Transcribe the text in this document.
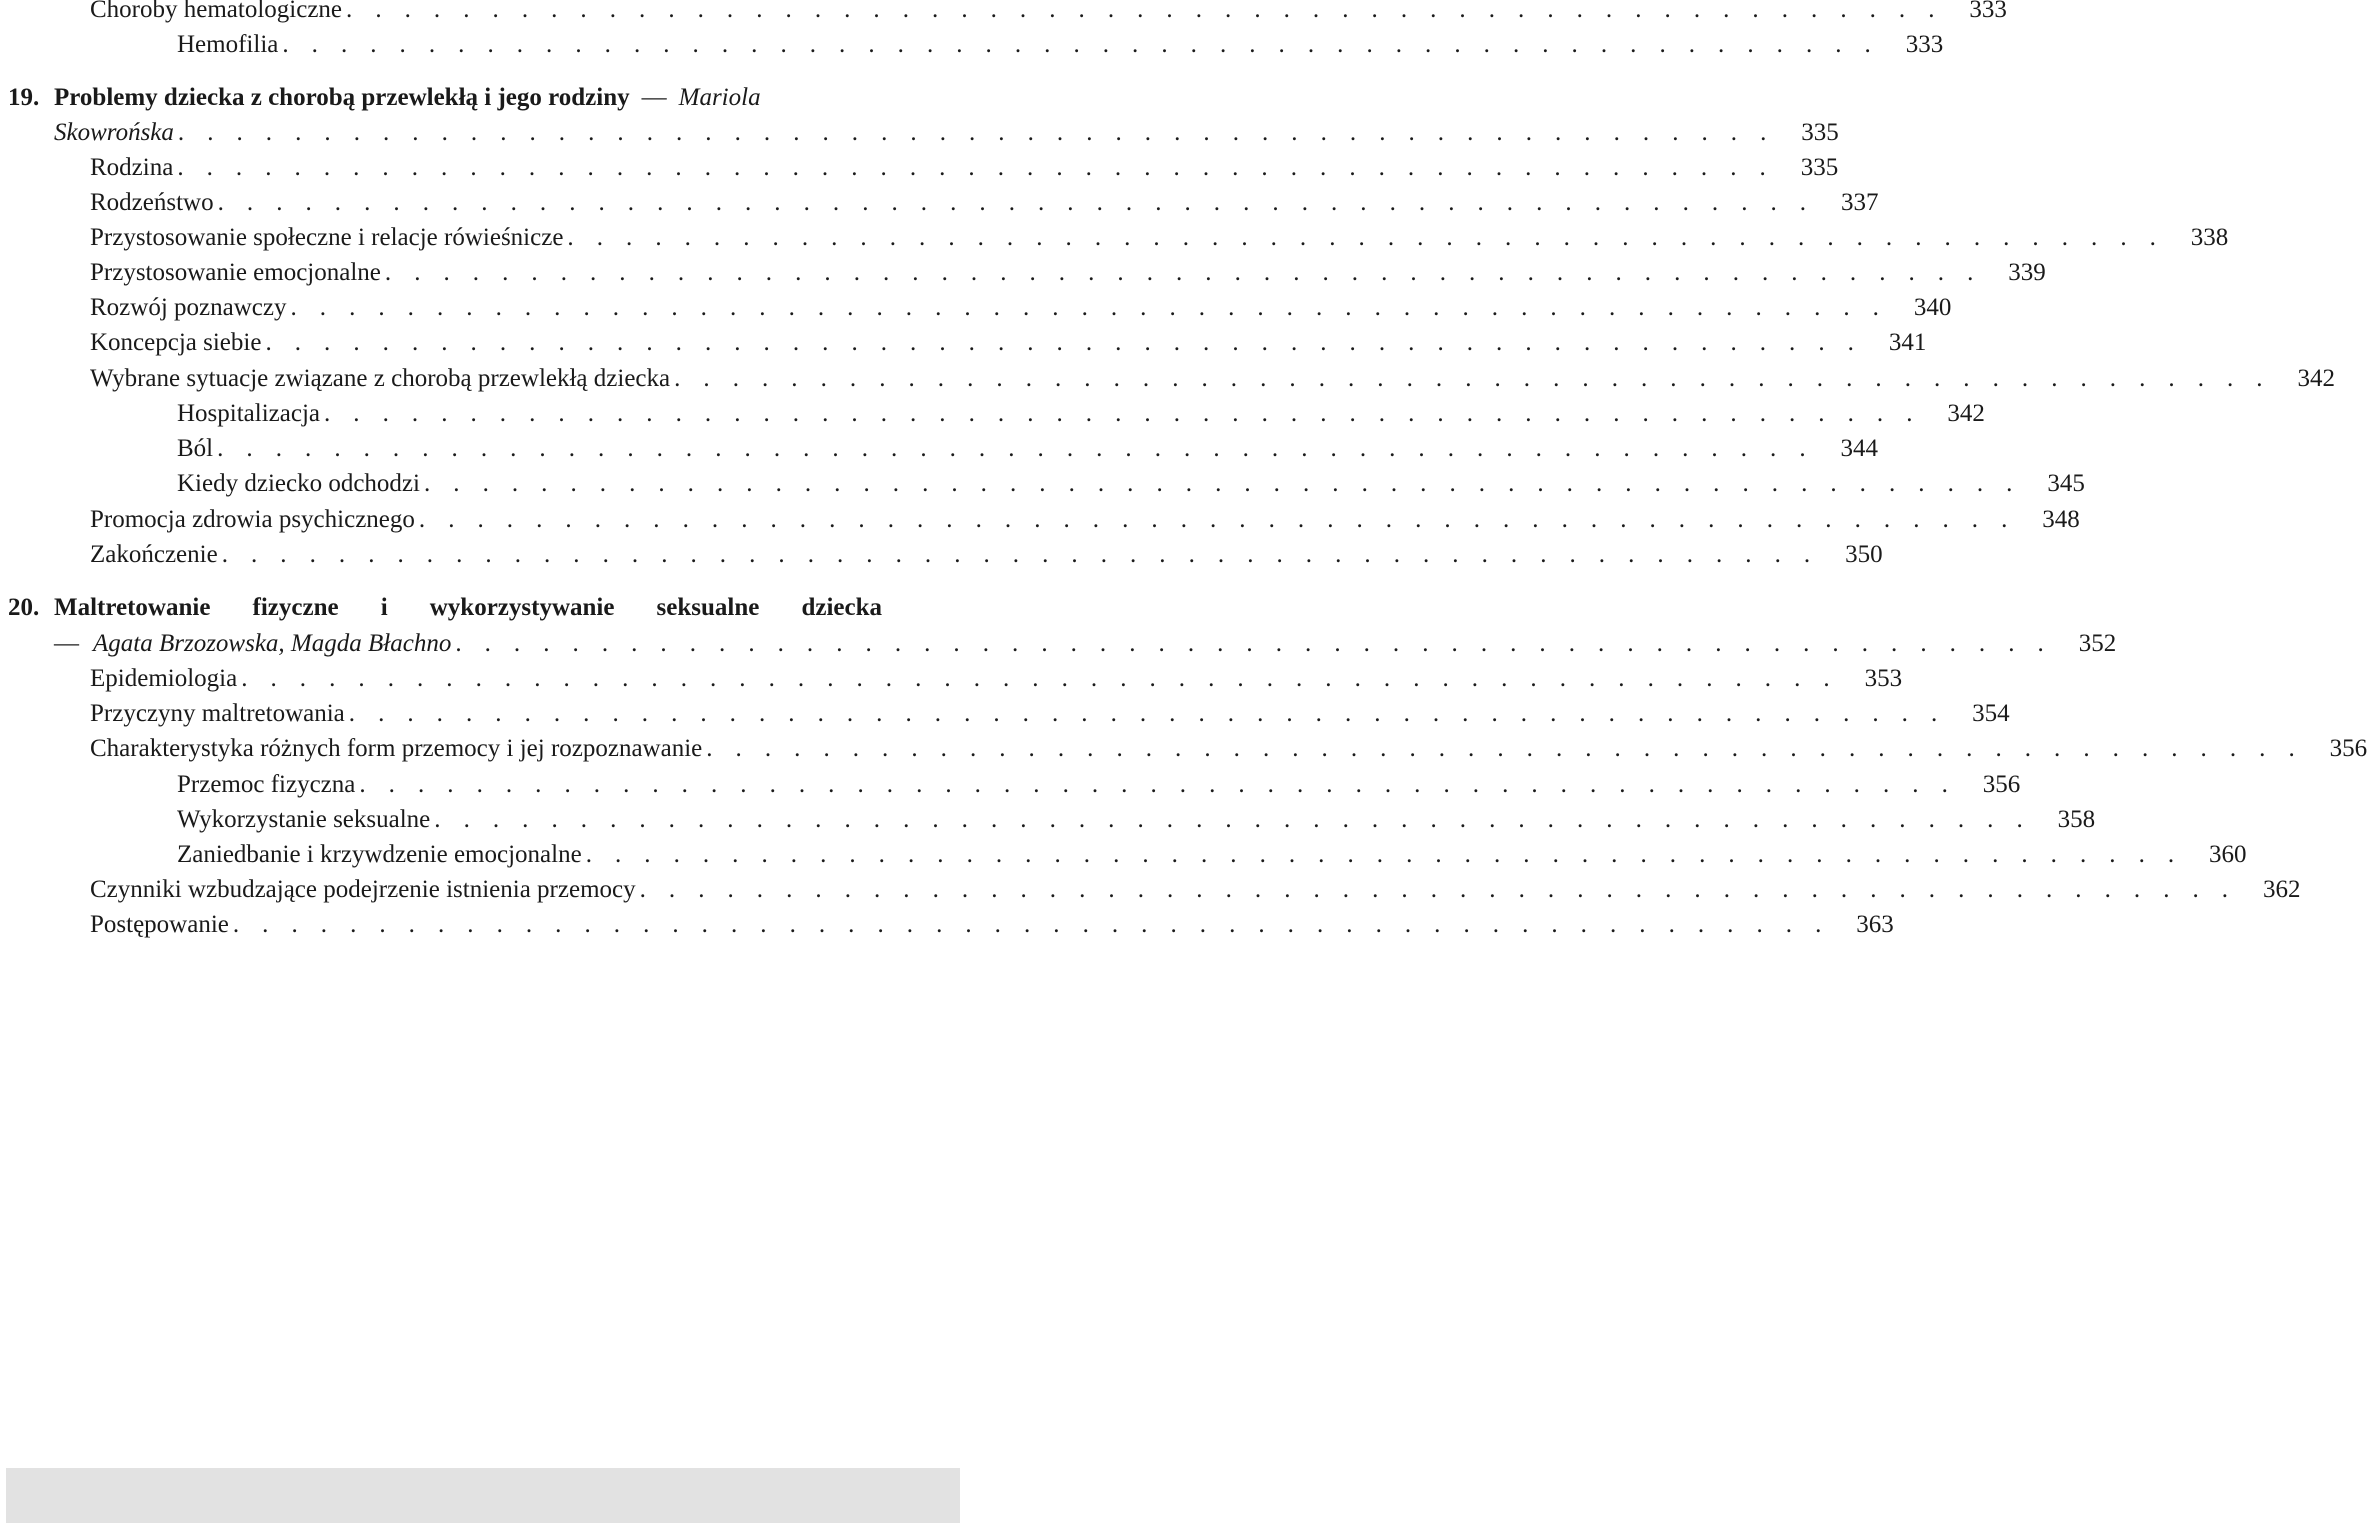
Choroby hematologiczne . . . . . . . . . . . . . . . . . . . . . . . . . . . . . . . . . . . . . . . . . . . . . . . . . . . . . . . 333
Hemofilia . . . . . . . . . . . . . . . . . . . . . . . . . . . . . . . . . . . . . . . . . . . . . . . . . . . . . . . 333
19. Problemy dziecka z chorobą przewlekłą i jego rodziny — Mariola
Skowrońska . . . . . . . . . . . . . . . . . . . . . . . . . . . . . . . . . . . . . . . . . . . . . . . . . . . . . . . 335
Rodzina . . . . . . . . . . . . . . . . . . . . . . . . . . . . . . . . . . . . . . . . . . . . . . . . . . . . . . . 335
Rodzeństwo . . . . . . . . . . . . . . . . . . . . . . . . . . . . . . . . . . . . . . . . . . . . . . . . . . . . . . . 337
Przystosowanie społeczne i relacje rówieśnicze . . . . . . . . . . . . . . . . . . . . . . . . . . . . . . . . . . . . . . . . . . . . . . . . . . . . . . . 338
Przystosowanie emocjonalne . . . . . . . . . . . . . . . . . . . . . . . . . . . . . . . . . . . . . . . . . . . . . . . . . . . . . . . 339
Rozwój poznawczy . . . . . . . . . . . . . . . . . . . . . . . . . . . . . . . . . . . . . . . . . . . . . . . . . . . . . . . 340
Koncepcja siebie . . . . . . . . . . . . . . . . . . . . . . . . . . . . . . . . . . . . . . . . . . . . . . . . . . . . . . . 341
Wybrane sytuacje związane z chorobą przewlekłą dziecka . . . . . . . . . . . . . . . . . . . . . . . . . . . . . . . . . . . . . . . . . . . . . . . . . . . . . . . 342
Hospitalizacja . . . . . . . . . . . . . . . . . . . . . . . . . . . . . . . . . . . . . . . . . . . . . . . . . . . . . . . 342
Ból . . . . . . . . . . . . . . . . . . . . . . . . . . . . . . . . . . . . . . . . . . . . . . . . . . . . . . . 344
Kiedy dziecko odchodzi . . . . . . . . . . . . . . . . . . . . . . . . . . . . . . . . . . . . . . . . . . . . . . . . . . . . . . . 345
Promocja zdrowia psychicznego . . . . . . . . . . . . . . . . . . . . . . . . . . . . . . . . . . . . . . . . . . . . . . . . . . . . . . . 348
Zakończenie . . . . . . . . . . . . . . . . . . . . . . . . . . . . . . . . . . . . . . . . . . . . . . . . . . . . . . . 350
20. Maltretowanie fizyczne i wykorzystywanie seksualne dziecka
— Agata Brzozowska, Magda Błachno . . . . . . . . . . . . . . . . . . . . . . . . . . . . . . . . . . . . . . . . . . . . . . . . . . . . . . . 352
Epidemiologia . . . . . . . . . . . . . . . . . . . . . . . . . . . . . . . . . . . . . . . . . . . . . . . . . . . . . . . 353
Przyczyny maltretowania . . . . . . . . . . . . . . . . . . . . . . . . . . . . . . . . . . . . . . . . . . . . . . . . . . . . . . . 354
Charakterystyka różnych form przemocy i jej rozpoznawanie . . . . . . . . . . . . . . . . . . . . . . . . . . . . . . . . . . . . . . . . . . . . . . . . . . . . . . . 356
Przemoc fizyczna . . . . . . . . . . . . . . . . . . . . . . . . . . . . . . . . . . . . . . . . . . . . . . . . . . . . . . . 356
Wykorzystanie seksualne . . . . . . . . . . . . . . . . . . . . . . . . . . . . . . . . . . . . . . . . . . . . . . . . . . . . . . . 358
Zaniedbanie i krzywdzenie emocjonalne . . . . . . . . . . . . . . . . . . . . . . . . . . . . . . . . . . . . . . . . . . . . . . . . . . . . . . . 360
Czynniki wzbudzające podejrzenie istnienia przemocy . . . . . . . . . . . . . . . . . . . . . . . . . . . . . . . . . . . . . . . . . . . . . . . . . . . . . . . 362
Postępowanie . . . . . . . . . . . . . . . . . . . . . . . . . . . . . . . . . . . . . . . . . . . . . . . . . . . . . . . 363
